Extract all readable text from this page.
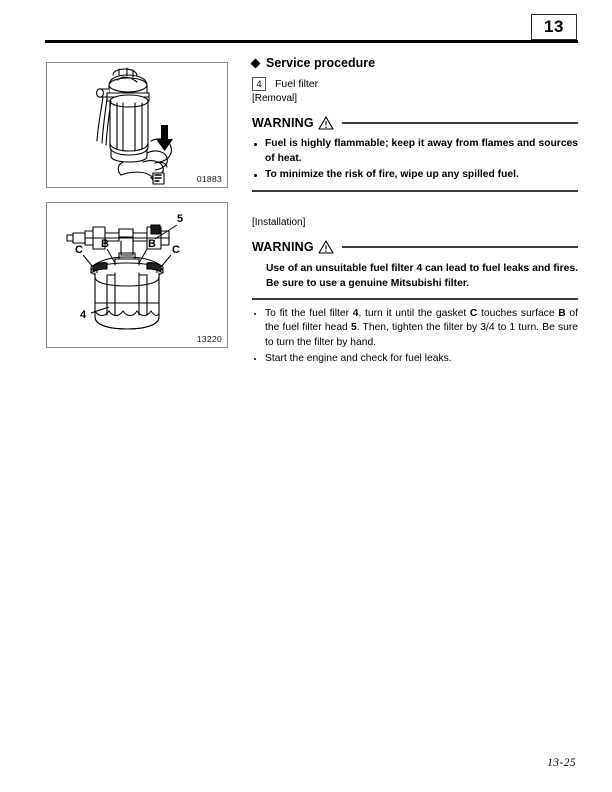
13
01883
5
4
B	B
C	C
13220
Service procedure
4	Fuel filter
[Removal]
WARNING
Fuel is highly flammable; keep it away from flames and sources of heat.
To minimize the risk of fire, wipe up any spilled fuel.
[Installation]
WARNING
Use of an unsuitable fuel filter 4 can lead to fuel leaks and fires. Be sure to use a genuine Mitsubishi filter.
To fit the fuel filter 4, turn it until the gasket C touches surface B of the fuel filter head 5. Then, tighten the filter by 3/4 to 1 turn. Be sure to turn the filter by hand.
Start the engine and check for fuel leaks.
13-25
